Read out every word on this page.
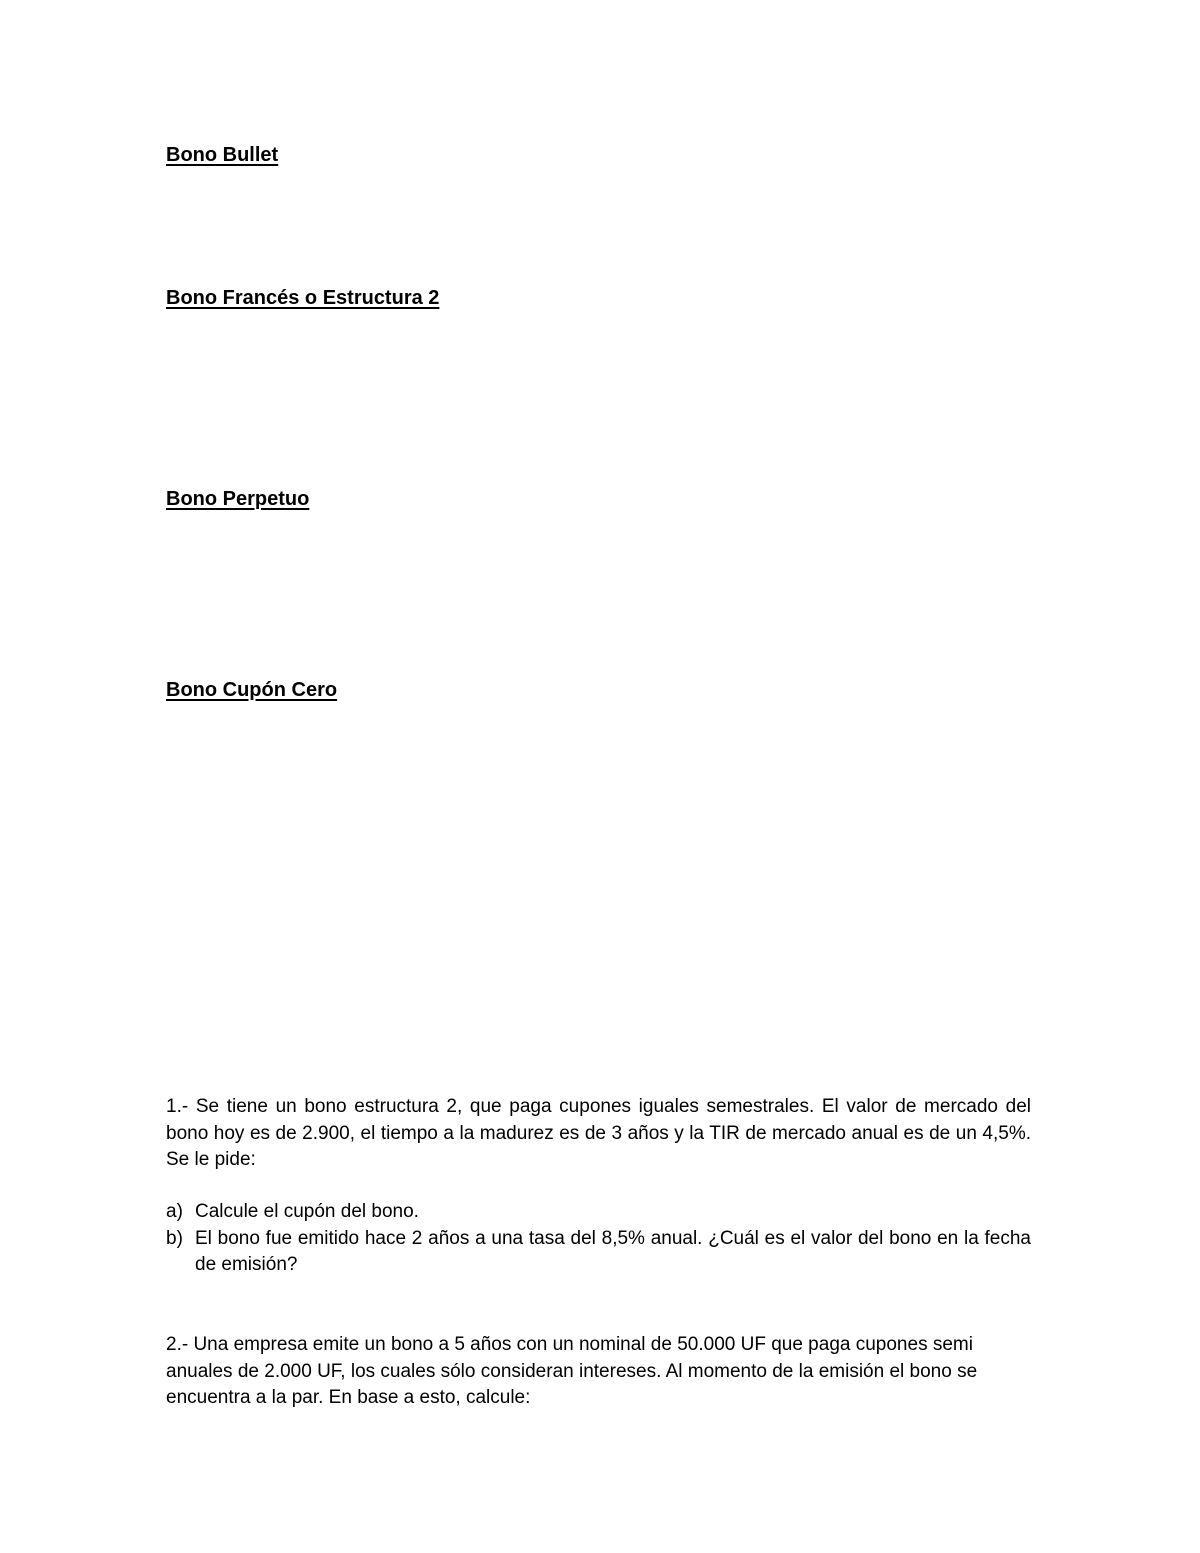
Bono Bullet
Bono Francés o Estructura 2
Bono Perpetuo
Bono Cupón Cero

1.- Se tiene un bono estructura 2, que paga cupones iguales semestrales. El valor de mercado del bono hoy es de 2.900, el tiempo a la madurez es de 3 años y la TIR de mercado anual es de un 4,5%. Se le pide:

a) Calcule el cupón del bono.
b) El bono fue emitido hace 2 años a una tasa del 8,5% anual. ¿Cuál es el valor del bono en la fecha de emisión?

2.- Una empresa emite un bono a 5 años con un nominal de 50.000 UF que paga cupones semi anuales de 2.000 UF, los cuales sólo consideran intereses. Al momento de la emisión el bono se encuentra a la par. En base a esto, calcule:
